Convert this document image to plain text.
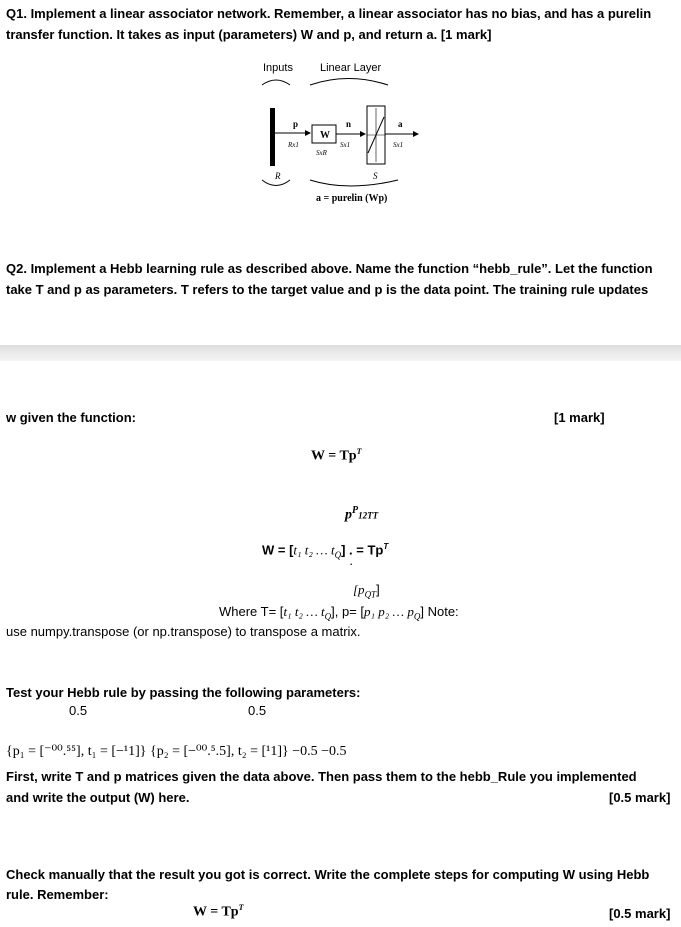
Q1. Implement a linear associator network. Remember, a linear associator has no bias, and has a purelin
transfer function. It takes as input (parameters) W and p, and return a. [1 mark]
Inputs Linear Layer
p
Rx1
W
SxR
n
Sx1
a
Sx1
R	S
a = purelin (Wp)
Q2. Implement a Hebb learning rule as described above. Name the function “hebb_rule”. Let the function
take T and p as parameters. T refers to the target value and p is the data point. The training rule updates
w given the function:	[1 mark]
$W = Tp^T$
$p^P12TT$
W = [t₁ t₂ … $t_Q$] . = $Tp^T$
·
$[p_{QT}]$
Where T= [t₁ t₂ … $t_Q$], p= [p₁ p₂ … $p_Q$] Note:
use numpy.transpose (or np.transpose) to transpose a matrix.
Test your Hebb rule by passing the following parameters:
0.5	0.5
{p₁ = [⁻⁰⁰.⁵⁵], t₁ = [−¹1]} {p₂ = [−⁰⁰.⁵.5], t₂ = [¹1]} −0.5 −0.5
First, write T and p matrices given the data above. Then pass them to the hebb_Rule you implemented
and write the output (W) here.	[0.5 mark]
Check manually that the result you got is correct. Write the complete steps for computing W using Hebb
rule. Remember:
$W = Tp^T$	[0.5 mark]
